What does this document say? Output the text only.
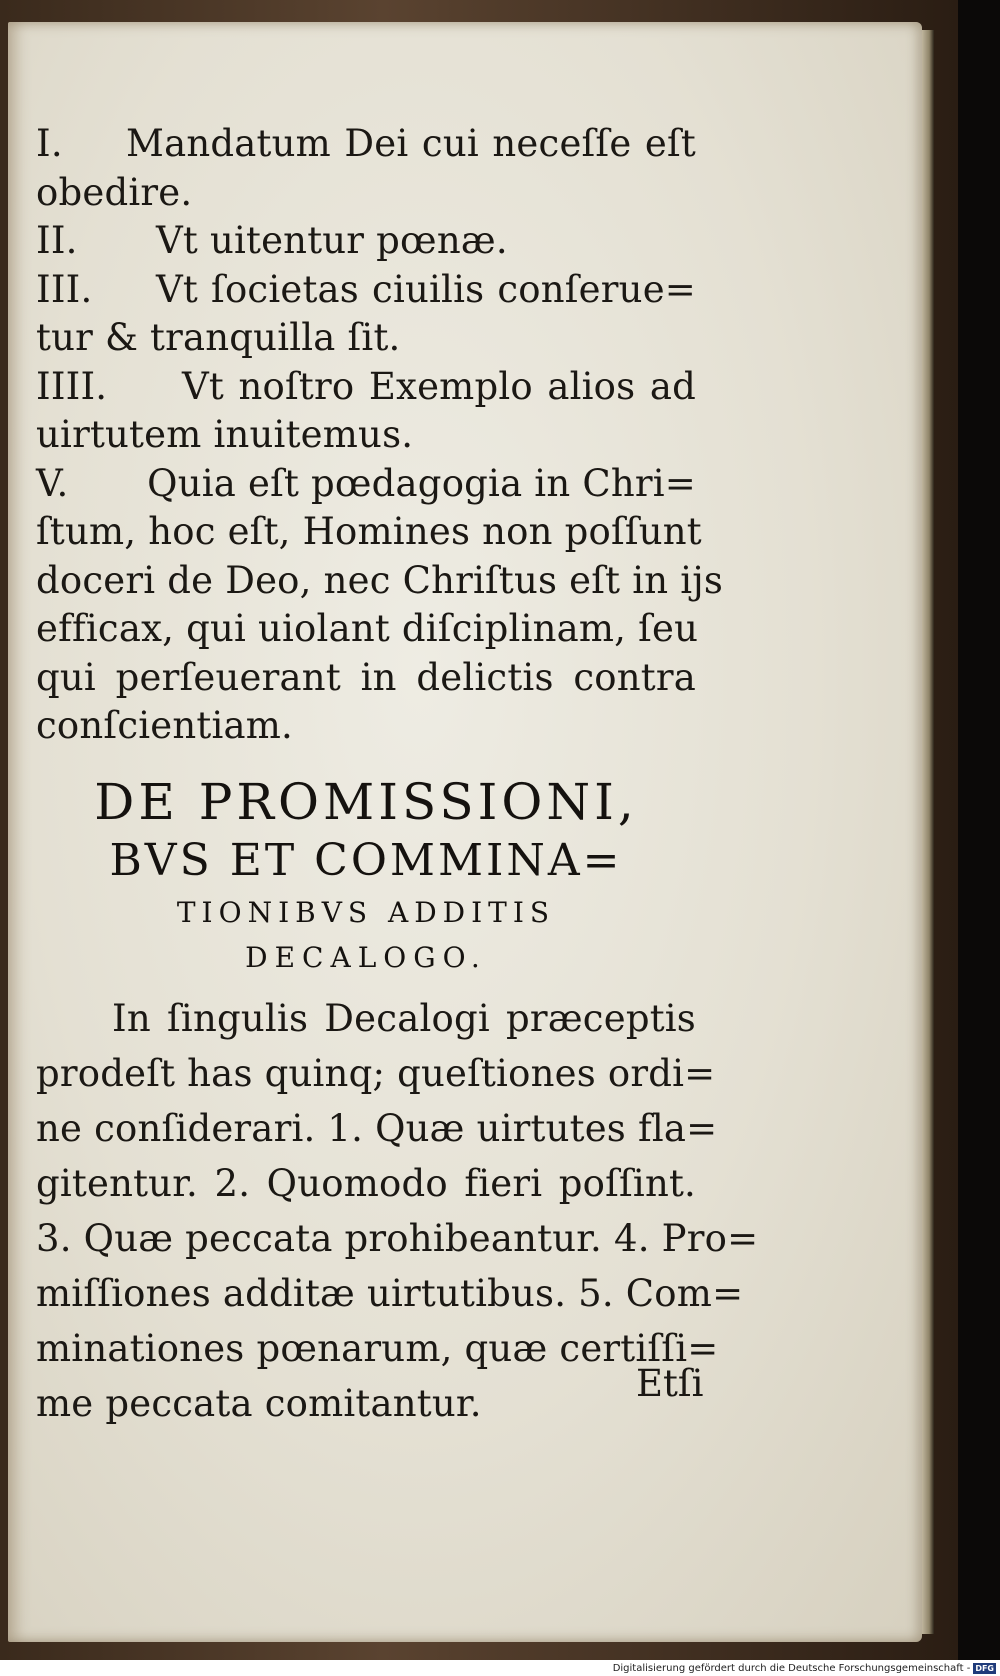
I.	Mandatum Dei cui neceſſe eſt
obedire.
II.	Vt uitentur pœnæ.
III.	Vt ſocietas ciuilis conſerue=
tur & tranquilla ſit.
IIII.	Vt noſtro Exemplo alios ad
uirtutem inuitemus.
V.	Quia eſt pœdagogia in Chri=
ſtum, hoc eſt, Homines non poſſunt
doceri de Deo, nec Chriſtus eſt in ijs
efficax, qui uiolant diſciplinam, ſeu
qui perſeuerant in delictis contra
conſcientiam.
DE PROMISSIONI,
BVS ET COMMINA=
TIONIBVS ADDITIS
DECALOGO.
In ſingulis Decalogi præceptis
prodeſt has quinq; queſtiones ordi=
ne conſiderari. 1. Quæ uirtutes fla=
gitentur. 2. Quomodo fieri poſſint.
3. Quæ peccata prohibeantur. 4. Pro=
miſſiones additæ uirtutibus. 5. Com=
minationes pœnarum, quæ certiſſi=
me peccata comitantur.	Etſi
Digitalisierung gefördert durch die Deutsche Forschungsgemeinschaft - DFG
